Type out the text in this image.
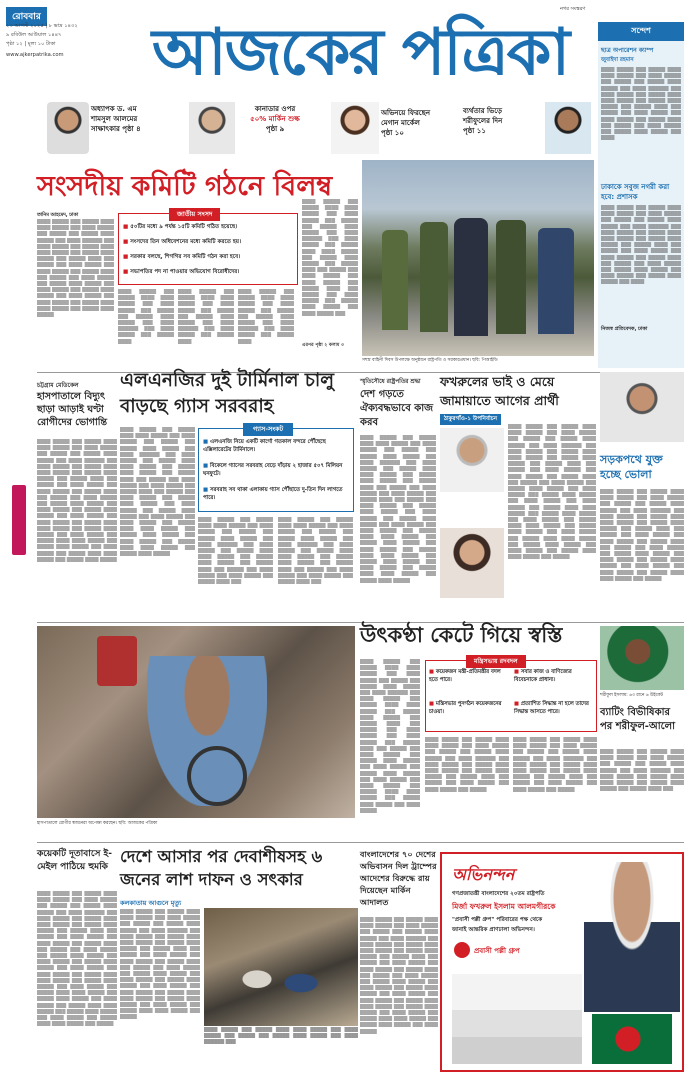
রোববার
২৩ আগস্ট ২০২৫ | ৮ ভাদ্র ১৪৩২
৯ রবিউল আউয়াল ১৪৪৭
পৃষ্ঠা ১২ | মূল্য ১০ টাকা
www.ajkerpatrika.com আজকের পত্রিকা
নগর সংস্করণ
সন্দেশ
ছাত্র অপারেশন ক্যাম্প
জুবাইদা রহমান
▒▒▒▒ ▒▒▒▒▒ ▒▒▒ ▒▒▒▒▒ ▒▒▒▒ ▒▒▒▒ ▒▒▒▒▒ ▒▒▒ ▒▒▒▒ ▒▒▒▒▒ ▒▒▒ ▒▒▒▒▒ ▒▒▒ ▒▒▒▒▒ ▒▒▒▒ ▒▒▒▒▒ ▒▒▒ ▒▒▒▒ ▒▒▒▒▒▒ ▒▒▒ ▒▒▒▒ ▒▒▒▒▒ ▒▒▒ ▒▒▒▒▒ ▒▒▒▒ ▒▒▒▒ ▒▒▒▒▒ ▒▒▒ ▒▒▒▒▒ ▒▒▒▒ ▒▒▒▒▒ ▒▒▒ ▒▒▒▒▒ ▒▒▒▒ ▒▒▒ ▒▒▒▒▒ ▒▒▒ ▒▒▒▒ ▒▒▒▒▒ ▒▒▒ ▒▒▒▒ ▒▒▒▒▒ ▒▒▒ ▒▒▒▒▒ ▒▒▒▒ ▒▒▒ ▒▒▒▒▒ ▒▒▒ ▒▒▒▒ ▒▒▒▒▒ ▒▒▒ ▒▒▒▒▒ ▒▒▒▒ ▒▒▒▒▒ ▒▒▒ ▒▒▒▒
ঢাকাকে সবুজ নগরী করা হবে: প্রশাসক
▒▒▒▒ ▒▒▒▒▒ ▒▒▒ ▒▒▒▒▒ ▒▒▒▒ ▒▒▒▒ ▒▒▒▒▒ ▒▒▒ ▒▒▒▒ ▒▒▒▒▒ ▒▒▒ ▒▒▒▒▒ ▒▒▒ ▒▒▒▒▒ ▒▒▒▒ ▒▒▒▒▒ ▒▒▒ ▒▒▒▒ ▒▒▒▒▒▒ ▒▒▒ ▒▒▒▒ ▒▒▒▒▒ ▒▒▒ ▒▒▒▒▒ ▒▒▒▒ ▒▒▒▒ ▒▒▒▒▒ ▒▒▒ ▒▒▒▒▒ ▒▒▒▒ ▒▒▒▒▒ ▒▒▒ ▒▒▒▒▒ ▒▒▒▒ ▒▒▒ ▒▒▒▒▒ ▒▒▒ ▒▒▒▒ ▒▒▒▒▒ ▒▒▒ ▒▒▒▒ ▒▒▒▒▒ ▒▒▒ ▒▒▒▒▒ ▒▒▒▒ ▒▒▒ ▒▒▒▒▒ ▒▒▒ ▒▒▒▒ ▒▒▒▒▒ ▒▒▒ ▒▒▒▒▒ ▒▒▒▒ ▒▒▒▒▒ ▒▒▒ ▒▒▒▒ ▒▒▒▒▒ ▒▒▒ ▒▒▒▒▒ ▒▒▒▒ ▒▒▒▒▒ ▒▒▒ ▒▒▒▒
নিজস্ব প্রতিবেদক, ঢাকা
অধ্যাপক ড. এম
শামসুল আলমের
সাক্ষাৎকার পৃষ্ঠা ৪
কানাডার ওপর
৫০% মার্কিন শুল্ক
পৃষ্ঠা ৯
অভিনয়ে ফিরছেন
মেগান মার্কেল
পৃষ্ঠা ১০
ব্যর্থতার ভিড়ে
শরীফুলের দিন
পৃষ্ঠা ১১
সংসদীয় কমিটি গঠনে বিলম্ব
তানিম আহমেদ, ঢাকা
▒▒▒▒ ▒▒▒▒▒ ▒▒▒ ▒▒▒▒▒ ▒▒▒▒ ▒▒▒▒ ▒▒▒▒▒ ▒▒▒ ▒▒▒▒ ▒▒▒▒▒ ▒▒▒ ▒▒▒▒▒ ▒▒▒ ▒▒▒▒▒ ▒▒▒▒ ▒▒▒▒▒ ▒▒▒ ▒▒▒▒ ▒▒▒▒▒▒ ▒▒▒ ▒▒▒▒ ▒▒▒▒▒ ▒▒▒ ▒▒▒▒▒ ▒▒▒▒ ▒▒▒▒ ▒▒▒▒▒ ▒▒▒ ▒▒▒▒▒ ▒▒▒▒ ▒▒▒▒▒ ▒▒▒ ▒▒▒▒▒ ▒▒▒▒ ▒▒▒ ▒▒▒▒▒ ▒▒▒ ▒▒▒▒ ▒▒▒▒▒ ▒▒▒ ▒▒▒▒ ▒▒▒▒▒ ▒▒▒ ▒▒▒▒▒ ▒▒▒▒ ▒▒▒ ▒▒▒▒▒ ▒▒▒ ▒▒▒▒ ▒▒▒▒▒ ▒▒▒ ▒▒▒▒▒ ▒▒▒▒ ▒▒▒▒▒ ▒▒▒ ▒▒▒▒ ▒▒▒▒▒ ▒▒▒ ▒▒▒▒▒ ▒▒▒▒ ▒▒▒▒▒ ▒▒▒ ▒▒▒▒ ▒▒▒▒▒ ▒▒▒ ▒▒▒▒ ▒▒▒▒▒ ▒▒▒ ▒▒▒▒▒ ▒▒▒▒ ▒▒▒▒ ▒▒▒▒▒ ▒▒▒ ▒▒▒▒▒ ▒▒▒▒ ▒▒▒▒▒
জাতীয় সংসদ
■ ৫০টির মধ্যে ৯ পর্যন্ত ১৫টি কমিটি গঠিত হয়েছে।
■ সংসদের তিন অধিবেশনের মধ্যে কমিটি করতে হয়।
■ সরকার বলছে, শিগগির সব কমিটি গঠন করা হবে।
■ সভাপতির পদ না পাওয়ার অভিযোগ বিরোধীদের।
▒▒▒▒ ▒▒▒▒▒ ▒▒▒ ▒▒▒▒▒ ▒▒▒▒ ▒▒▒▒ ▒▒▒▒▒ ▒▒▒ ▒▒▒▒ ▒▒▒▒▒ ▒▒▒ ▒▒▒▒▒ ▒▒▒ ▒▒▒▒▒ ▒▒▒▒ ▒▒▒▒▒ ▒▒▒ ▒▒▒▒ ▒▒▒▒▒▒ ▒▒▒ ▒▒▒▒ ▒▒▒▒▒ ▒▒▒ ▒▒▒▒▒ ▒▒▒▒
▒▒▒▒ ▒▒▒▒▒ ▒▒▒ ▒▒▒▒▒ ▒▒▒▒ ▒▒▒▒ ▒▒▒▒▒ ▒▒▒ ▒▒▒▒ ▒▒▒▒▒ ▒▒▒ ▒▒▒▒▒ ▒▒▒ ▒▒▒▒▒ ▒▒▒▒ ▒▒▒▒▒ ▒▒▒ ▒▒▒▒ ▒▒▒▒▒▒ ▒▒▒ ▒▒▒▒ ▒▒▒▒▒ ▒▒▒ ▒▒▒▒▒ ▒▒▒▒
▒▒▒▒ ▒▒▒▒▒ ▒▒▒ ▒▒▒▒▒ ▒▒▒▒ ▒▒▒▒ ▒▒▒▒▒ ▒▒▒ ▒▒▒▒ ▒▒▒▒▒ ▒▒▒ ▒▒▒▒▒ ▒▒▒ ▒▒▒▒▒ ▒▒▒▒ ▒▒▒▒▒ ▒▒▒ ▒▒▒▒ ▒▒▒▒▒▒ ▒▒▒ ▒▒▒▒ ▒▒▒▒▒ ▒▒▒ ▒▒▒▒▒ ▒▒▒▒
▒▒▒▒ ▒▒▒▒▒ ▒▒▒ ▒▒▒▒▒ ▒▒▒▒ ▒▒▒▒ ▒▒▒▒▒ ▒▒▒ ▒▒▒▒ ▒▒▒▒▒ ▒▒▒ ▒▒▒▒▒ ▒▒▒ ▒▒▒▒▒ ▒▒▒▒ ▒▒▒▒▒ ▒▒▒ ▒▒▒▒ ▒▒▒▒▒▒ ▒▒▒ ▒▒▒▒ ▒▒▒▒▒ ▒▒▒ ▒▒▒▒▒ ▒▒▒▒ ▒▒▒▒ ▒▒▒▒▒ ▒▒▒ ▒▒▒▒▒ ▒▒▒▒ ▒▒▒▒▒ ▒▒▒ ▒▒▒▒▒ ▒▒▒▒ ▒▒▒ ▒▒▒▒▒ ▒▒▒ ▒▒▒▒ ▒▒▒▒▒ ▒▒▒ ▒▒▒▒ ▒▒▒▒▒ ▒▒▒ ▒▒▒▒▒ ▒▒▒▒ ▒▒▒ ▒▒▒▒▒ ▒▒▒ ▒▒▒▒ ▒▒▒▒▒ ▒▒▒ ▒▒▒▒▒ ▒▒▒▒ ▒▒▒▒▒ ▒▒▒ ▒▒▒▒ ▒▒▒▒▒ ▒▒▒
এরপর পৃষ্ঠা ২ কলাম ৩
সশস্ত্র বাহিনী দিবস উপলক্ষে অনুষ্ঠানে রাষ্ট্রপতি ও সরকারপ্রধান। ছবি: পিআইডি
চট্টগ্রাম মেডিকেল
হাসপাতালে বিদ্যুৎ ছাড়া আড়াই ঘণ্টা রোগীদের ভোগান্তি
▒▒▒▒ ▒▒▒▒▒ ▒▒▒ ▒▒▒▒▒ ▒▒▒▒ ▒▒▒▒ ▒▒▒▒▒ ▒▒▒ ▒▒▒▒ ▒▒▒▒▒ ▒▒▒ ▒▒▒▒▒ ▒▒▒ ▒▒▒▒▒ ▒▒▒▒ ▒▒▒▒▒ ▒▒▒ ▒▒▒▒ ▒▒▒▒▒▒ ▒▒▒ ▒▒▒▒ ▒▒▒▒▒ ▒▒▒ ▒▒▒▒▒ ▒▒▒▒ ▒▒▒▒ ▒▒▒▒▒ ▒▒▒ ▒▒▒▒▒ ▒▒▒▒ ▒▒▒▒▒ ▒▒▒ ▒▒▒▒▒ ▒▒▒▒ ▒▒▒ ▒▒▒▒▒ ▒▒▒ ▒▒▒▒ ▒▒▒▒▒ ▒▒▒ ▒▒▒▒ ▒▒▒▒▒ ▒▒▒ ▒▒▒▒▒ ▒▒▒▒ ▒▒▒ ▒▒▒▒▒ ▒▒▒ ▒▒▒▒ ▒▒▒▒▒ ▒▒▒ ▒▒▒▒▒ ▒▒▒▒ ▒▒▒▒▒ ▒▒▒ ▒▒▒▒ ▒▒▒▒▒ ▒▒▒ ▒▒▒▒▒ ▒▒▒▒ ▒▒▒▒▒ ▒▒▒ ▒▒▒▒ ▒▒▒▒▒ ▒▒▒ ▒▒▒▒ ▒▒▒▒▒ ▒▒▒ ▒▒▒▒▒ ▒▒▒▒ ▒▒▒▒ ▒▒▒▒▒ ▒▒▒ ▒▒▒▒▒ ▒▒▒▒ ▒▒▒▒▒ ▒▒▒ ▒▒▒▒ ▒▒▒▒▒ ▒▒▒ ▒▒▒▒▒ ▒▒▒▒ ▒▒▒▒ ▒▒▒▒▒ ▒▒▒ ▒▒▒▒▒ ▒▒▒▒ ▒▒▒▒▒ ▒▒▒ ▒▒▒▒ ▒▒▒▒▒ ▒▒▒ ▒▒▒▒▒ ▒▒▒▒ ▒▒▒▒ ▒▒▒▒▒ ▒▒▒ ▒▒▒▒▒ ▒▒▒▒ ▒▒▒▒▒
এলএনজির দুই টার্মিনাল চালু বাড়ছে গ্যাস সরবরাহ
▒▒▒▒ ▒▒▒▒▒ ▒▒▒ ▒▒▒▒▒ ▒▒▒▒ ▒▒▒▒ ▒▒▒▒▒ ▒▒▒ ▒▒▒▒ ▒▒▒▒▒ ▒▒▒ ▒▒▒▒▒ ▒▒▒ ▒▒▒▒▒ ▒▒▒▒ ▒▒▒▒▒ ▒▒▒ ▒▒▒▒ ▒▒▒▒▒▒ ▒▒▒ ▒▒▒▒ ▒▒▒▒▒ ▒▒▒ ▒▒▒▒▒ ▒▒▒▒ ▒▒▒▒ ▒▒▒▒▒ ▒▒▒ ▒▒▒▒▒ ▒▒▒▒ ▒▒▒▒▒ ▒▒▒ ▒▒▒▒▒ ▒▒▒▒ ▒▒▒ ▒▒▒▒▒ ▒▒▒ ▒▒▒▒ ▒▒▒▒▒ ▒▒▒ ▒▒▒▒ ▒▒▒▒▒ ▒▒▒ ▒▒▒▒▒ ▒▒▒▒ ▒▒▒ ▒▒▒▒▒ ▒▒▒ ▒▒▒▒ ▒▒▒▒▒ ▒▒▒ ▒▒▒▒▒ ▒▒▒▒ ▒▒▒▒▒ ▒▒▒ ▒▒▒▒ ▒▒▒▒▒ ▒▒▒ ▒▒▒▒▒ ▒▒▒▒ ▒▒▒▒▒ ▒▒▒ ▒▒▒▒ ▒▒▒▒▒ ▒▒▒ ▒▒▒▒ ▒▒▒▒▒ ▒▒▒ ▒▒▒▒▒ ▒▒▒▒ ▒▒▒▒ ▒▒▒▒▒ ▒▒▒ ▒▒▒▒▒ ▒▒▒▒ ▒▒▒▒▒ ▒▒▒ ▒▒▒▒ ▒▒▒▒▒ ▒▒▒ ▒▒▒▒▒ ▒▒▒▒ ▒▒▒▒ ▒▒▒▒▒ ▒▒▒ ▒▒▒▒▒ ▒▒▒▒ ▒▒▒▒▒
গ্যাস-সংকট
■ এলএনজি নিয়ে একটি কার্গো গতকাল বন্দরে পৌঁছেছে এক্সিলারেটের টার্মিনালে।
■ বিকেলে গ্যাসের সরবরাহ বেড়ে দাঁড়ায় ২ হাজার ৫০৭ মিলিয়ন ঘনফুটে।
■ সরবরাহ সব থাকা এলাকায় গ্যাস পৌঁছাতে দু-তিন দিন লাগতে পারে।
▒▒▒▒ ▒▒▒▒▒ ▒▒▒ ▒▒▒▒▒ ▒▒▒▒ ▒▒▒▒ ▒▒▒▒▒ ▒▒▒ ▒▒▒▒ ▒▒▒▒▒ ▒▒▒ ▒▒▒▒▒ ▒▒▒ ▒▒▒▒▒ ▒▒▒▒ ▒▒▒▒▒ ▒▒▒ ▒▒▒▒ ▒▒▒▒▒▒ ▒▒▒ ▒▒▒▒ ▒▒▒▒▒ ▒▒▒ ▒▒▒▒▒ ▒▒▒▒ ▒▒▒▒ ▒▒▒▒▒ ▒▒▒ ▒▒▒▒▒ ▒▒▒▒ ▒▒▒▒▒ ▒▒▒ ▒▒▒▒▒ ▒▒▒▒ ▒▒▒ ▒▒▒▒▒ ▒▒▒ ▒▒▒▒ ▒▒▒▒▒ ▒▒▒ ▒▒▒▒ ▒▒▒▒▒ ▒▒▒ ▒▒▒▒▒ ▒▒▒▒ ▒▒▒
▒▒▒▒ ▒▒▒▒▒ ▒▒▒ ▒▒▒▒▒ ▒▒▒▒ ▒▒▒▒ ▒▒▒▒▒ ▒▒▒ ▒▒▒▒ ▒▒▒▒▒ ▒▒▒ ▒▒▒▒▒ ▒▒▒ ▒▒▒▒▒ ▒▒▒▒ ▒▒▒▒▒ ▒▒▒ ▒▒▒▒ ▒▒▒▒▒▒ ▒▒▒ ▒▒▒▒ ▒▒▒▒▒ ▒▒▒ ▒▒▒▒▒ ▒▒▒▒ ▒▒▒▒ ▒▒▒▒▒ ▒▒▒ ▒▒▒▒▒ ▒▒▒▒ ▒▒▒▒▒ ▒▒▒ ▒▒▒▒▒ ▒▒▒▒ ▒▒▒ ▒▒▒▒▒ ▒▒▒ ▒▒▒▒ ▒▒▒▒▒ ▒▒▒ ▒▒▒▒ ▒▒▒▒▒ ▒▒▒ ▒▒▒▒▒ ▒▒▒▒ ▒▒▒
স্মৃতিসৌধে রাষ্ট্রপতির শ্রদ্ধা
দেশ গড়তে ঐক্যবদ্ধভাবে কাজ করব
▒▒▒▒ ▒▒▒▒▒ ▒▒▒ ▒▒▒▒▒ ▒▒▒▒ ▒▒▒▒ ▒▒▒▒▒ ▒▒▒ ▒▒▒▒ ▒▒▒▒▒ ▒▒▒ ▒▒▒▒▒ ▒▒▒ ▒▒▒▒▒ ▒▒▒▒ ▒▒▒▒▒ ▒▒▒ ▒▒▒▒ ▒▒▒▒▒▒ ▒▒▒ ▒▒▒▒ ▒▒▒▒▒ ▒▒▒ ▒▒▒▒▒ ▒▒▒▒ ▒▒▒▒ ▒▒▒▒▒ ▒▒▒ ▒▒▒▒▒ ▒▒▒▒ ▒▒▒▒▒ ▒▒▒ ▒▒▒▒▒ ▒▒▒▒ ▒▒▒ ▒▒▒▒▒ ▒▒▒ ▒▒▒▒ ▒▒▒▒▒ ▒▒▒ ▒▒▒▒ ▒▒▒▒▒ ▒▒▒ ▒▒▒▒▒ ▒▒▒▒ ▒▒▒ ▒▒▒▒▒ ▒▒▒ ▒▒▒▒ ▒▒▒▒▒ ▒▒▒ ▒▒▒▒▒ ▒▒▒▒ ▒▒▒▒▒ ▒▒▒ ▒▒▒▒ ▒▒▒▒▒ ▒▒▒ ▒▒▒▒▒ ▒▒▒▒ ▒▒▒▒▒ ▒▒▒ ▒▒▒▒ ▒▒▒▒▒ ▒▒▒ ▒▒▒▒ ▒▒▒▒▒ ▒▒▒ ▒▒▒▒▒ ▒▒▒▒ ▒▒▒▒ ▒▒▒▒▒ ▒▒▒ ▒▒▒▒▒ ▒▒▒▒ ▒▒▒▒▒ ▒▒▒ ▒▒▒▒ ▒▒▒▒▒ ▒▒▒ ▒▒▒▒▒ ▒▒▒▒ ▒▒▒▒ ▒▒▒▒▒ ▒▒▒ ▒▒▒▒▒ ▒▒▒▒ ▒▒▒▒▒ ▒▒▒ ▒▒▒▒ ▒▒▒▒▒ ▒▒▒ ▒▒▒▒▒ ▒▒▒▒ ▒▒▒▒ ▒▒▒▒▒ ▒▒▒ ▒▒▒▒▒ ▒▒▒▒ ▒▒▒▒▒
ফখরুলের ভাই ও মেয়ে জামায়াতে আগের প্রার্থী
ঠাকুরগাঁও-১ উপনির্বাচন
▒▒▒▒ ▒▒▒▒▒ ▒▒▒ ▒▒▒▒▒ ▒▒▒▒ ▒▒▒▒ ▒▒▒▒▒ ▒▒▒ ▒▒▒▒ ▒▒▒▒▒ ▒▒▒ ▒▒▒▒▒ ▒▒▒ ▒▒▒▒▒ ▒▒▒▒ ▒▒▒▒▒ ▒▒▒ ▒▒▒▒ ▒▒▒▒▒▒ ▒▒▒ ▒▒▒▒ ▒▒▒▒▒ ▒▒▒ ▒▒▒▒▒ ▒▒▒▒ ▒▒▒▒ ▒▒▒▒▒ ▒▒▒ ▒▒▒▒▒ ▒▒▒▒ ▒▒▒▒▒ ▒▒▒ ▒▒▒▒▒ ▒▒▒▒ ▒▒▒ ▒▒▒▒▒ ▒▒▒ ▒▒▒▒ ▒▒▒▒▒ ▒▒▒ ▒▒▒▒ ▒▒▒▒▒ ▒▒▒ ▒▒▒▒▒ ▒▒▒▒ ▒▒▒ ▒▒▒▒▒ ▒▒▒ ▒▒▒▒ ▒▒▒▒▒ ▒▒▒ ▒▒▒▒▒ ▒▒▒▒ ▒▒▒▒▒ ▒▒▒ ▒▒▒▒ ▒▒▒▒▒ ▒▒▒ ▒▒▒▒▒ ▒▒▒▒ ▒▒▒▒▒ ▒▒▒ ▒▒▒▒ ▒▒▒▒▒ ▒▒▒ ▒▒▒▒ ▒▒▒▒▒ ▒▒▒ ▒▒▒▒▒ ▒▒▒▒ ▒▒▒▒ ▒▒▒▒▒ ▒▒▒ ▒▒▒▒▒ ▒▒▒▒ ▒▒▒▒▒ ▒▒▒ ▒▒▒▒ ▒▒▒▒▒ ▒▒▒ ▒▒▒▒▒ ▒▒▒▒ ▒▒▒▒ ▒▒▒▒▒ ▒▒▒ ▒▒▒▒▒ ▒▒▒▒ ▒▒▒▒▒ ▒▒▒ ▒▒▒▒ ▒▒▒▒▒ ▒▒▒ ▒▒▒▒▒ ▒▒▒▒ ▒▒▒▒ ▒▒▒▒▒ ▒▒▒ ▒▒▒▒▒ ▒▒▒▒ ▒▒▒▒▒ ▒▒▒ ▒▒▒▒ ▒▒▒▒▒ ▒▒▒ ▒▒▒▒▒ ▒▒▒▒ ▒▒▒▒ ▒▒▒▒▒ ▒▒▒ ▒▒▒▒▒
সড়কপথে যুক্ত হচ্ছে ভোলা
▒▒▒▒ ▒▒▒▒▒ ▒▒▒ ▒▒▒▒▒ ▒▒▒▒ ▒▒▒▒ ▒▒▒▒▒ ▒▒▒ ▒▒▒▒ ▒▒▒▒▒ ▒▒▒ ▒▒▒▒▒ ▒▒▒ ▒▒▒▒▒ ▒▒▒▒ ▒▒▒▒▒ ▒▒▒ ▒▒▒▒ ▒▒▒▒▒▒ ▒▒▒ ▒▒▒▒ ▒▒▒▒▒ ▒▒▒ ▒▒▒▒▒ ▒▒▒▒ ▒▒▒▒ ▒▒▒▒▒ ▒▒▒ ▒▒▒▒▒ ▒▒▒▒ ▒▒▒▒▒ ▒▒▒ ▒▒▒▒▒ ▒▒▒▒ ▒▒▒ ▒▒▒▒▒ ▒▒▒ ▒▒▒▒ ▒▒▒▒▒ ▒▒▒ ▒▒▒▒ ▒▒▒▒▒ ▒▒▒ ▒▒▒▒▒ ▒▒▒▒ ▒▒▒ ▒▒▒▒▒ ▒▒▒ ▒▒▒▒ ▒▒▒▒▒ ▒▒▒ ▒▒▒▒▒ ▒▒▒▒ ▒▒▒▒▒ ▒▒▒ ▒▒▒▒ ▒▒▒▒▒ ▒▒▒ ▒▒▒▒▒ ▒▒▒▒ ▒▒▒▒▒ ▒▒▒ ▒▒▒▒ ▒▒▒▒▒ ▒▒▒ ▒▒▒▒ ▒▒▒▒▒ ▒▒▒ ▒▒▒▒▒ ▒▒▒▒ ▒▒▒▒ ▒▒▒▒▒ ▒▒▒ ▒▒▒▒▒
হাসপাতালে রোগীর স্বজনেরা অপেক্ষা করছেন। ছবি: আজকের পত্রিকা
উৎকণ্ঠা কেটে গিয়ে স্বস্তি
মন্ত্রিসভায় রদবদল
■ কয়েকজন মন্ত্রী-প্রতিমন্ত্রীর বদল হতে পারে।
■ মন্ত্রিসভার পুনর্গঠন কয়েকজনের চাওয়া।
■ সবার কাজ ও বাণিজ্যের বিবেচনাকে প্রাধান্য।
■ প্রত্যাশিত সিদ্ধান্ত না হলে তাদের সিদ্ধান্ত আসতে পারে।
▒▒▒▒ ▒▒▒▒▒ ▒▒▒ ▒▒▒▒▒ ▒▒▒▒ ▒▒▒▒ ▒▒▒▒▒ ▒▒▒ ▒▒▒▒ ▒▒▒▒▒ ▒▒▒ ▒▒▒▒▒ ▒▒▒ ▒▒▒▒▒ ▒▒▒▒ ▒▒▒▒▒ ▒▒▒ ▒▒▒▒ ▒▒▒▒▒▒ ▒▒▒ ▒▒▒▒ ▒▒▒▒▒ ▒▒▒ ▒▒▒▒▒ ▒▒▒▒ ▒▒▒▒ ▒▒▒▒▒ ▒▒▒ ▒▒▒▒▒ ▒▒▒▒ ▒▒▒▒▒ ▒▒▒ ▒▒▒▒▒ ▒▒▒▒ ▒▒▒ ▒▒▒▒▒ ▒▒▒ ▒▒▒▒ ▒▒▒▒▒ ▒▒▒ ▒▒▒▒ ▒▒▒▒▒ ▒▒▒ ▒▒▒▒▒ ▒▒▒▒ ▒▒▒ ▒▒▒▒▒ ▒▒▒ ▒▒▒▒ ▒▒▒▒▒ ▒▒▒ ▒▒▒▒▒ ▒▒▒▒ ▒▒▒▒▒ ▒▒▒ ▒▒▒▒ ▒▒▒▒▒ ▒▒▒ ▒▒▒▒▒ ▒▒▒▒ ▒▒▒▒▒ ▒▒▒ ▒▒▒▒ ▒▒▒▒▒ ▒▒▒ ▒▒▒▒ ▒▒▒▒▒ ▒▒▒ ▒▒▒▒▒ ▒▒▒▒ ▒▒▒▒ ▒▒▒▒▒ ▒▒▒ ▒▒▒▒▒ ▒▒▒▒ ▒▒▒▒▒ ▒▒▒ ▒▒▒▒ ▒▒▒▒▒
▒▒▒▒ ▒▒▒▒▒ ▒▒▒ ▒▒▒▒▒ ▒▒▒▒ ▒▒▒▒ ▒▒▒▒▒ ▒▒▒ ▒▒▒▒ ▒▒▒▒▒ ▒▒▒ ▒▒▒▒▒ ▒▒▒ ▒▒▒▒▒ ▒▒▒▒ ▒▒▒▒▒ ▒▒▒ ▒▒▒▒ ▒▒▒▒▒▒ ▒▒▒ ▒▒▒▒ ▒▒▒▒▒ ▒▒▒ ▒▒▒▒▒ ▒▒▒▒ ▒▒▒▒ ▒▒▒▒▒ ▒▒▒ ▒▒▒▒▒ ▒▒▒▒ ▒▒▒▒▒ ▒▒▒ ▒▒▒▒▒ ▒▒▒▒ ▒▒▒ ▒▒▒▒▒ ▒▒▒ ▒▒▒▒ ▒▒▒▒▒ ▒▒▒ ▒▒▒▒ ▒▒▒▒▒ ▒▒▒ ▒▒▒▒▒
▒▒▒▒ ▒▒▒▒▒ ▒▒▒ ▒▒▒▒▒ ▒▒▒▒ ▒▒▒▒ ▒▒▒▒▒ ▒▒▒ ▒▒▒▒ ▒▒▒▒▒ ▒▒▒ ▒▒▒▒▒ ▒▒▒ ▒▒▒▒▒ ▒▒▒▒ ▒▒▒▒▒ ▒▒▒ ▒▒▒▒ ▒▒▒▒▒▒ ▒▒▒ ▒▒▒▒ ▒▒▒▒▒ ▒▒▒ ▒▒▒▒▒ ▒▒▒▒ ▒▒▒▒ ▒▒▒▒▒ ▒▒▒ ▒▒▒▒▒ ▒▒▒▒ ▒▒▒▒▒ ▒▒▒ ▒▒▒▒▒ ▒▒▒▒ ▒▒▒ ▒▒▒▒▒ ▒▒▒ ▒▒▒▒ ▒▒▒▒▒ ▒▒▒ ▒▒▒▒ ▒▒▒▒▒ ▒▒▒ ▒▒▒▒▒
শরীফুল ইসলাম: ৬৩ রানে ৬ উইকেট
ব্যাটিং বিভীষিকার পর শরীফুল-আলো
▒▒▒▒ ▒▒▒▒▒ ▒▒▒ ▒▒▒▒▒ ▒▒▒▒ ▒▒▒▒ ▒▒▒▒▒ ▒▒▒ ▒▒▒▒ ▒▒▒▒▒ ▒▒▒ ▒▒▒▒▒ ▒▒▒ ▒▒▒▒▒ ▒▒▒▒ ▒▒▒▒▒ ▒▒▒ ▒▒▒▒ ▒▒▒▒▒▒ ▒▒▒ ▒▒▒▒ ▒▒▒▒▒ ▒▒▒ ▒▒▒▒▒ ▒▒▒▒ ▒▒▒▒ ▒▒▒▒▒ ▒▒▒ ▒▒▒▒▒ ▒▒▒▒ ▒▒▒▒▒ ▒▒▒ ▒▒▒▒▒ ▒▒▒▒ ▒▒▒
কয়েকটি দূতাবাসে ই-মেইল পাঠিয়ে হুমকি
▒▒▒▒ ▒▒▒▒▒ ▒▒▒ ▒▒▒▒▒ ▒▒▒▒ ▒▒▒▒ ▒▒▒▒▒ ▒▒▒ ▒▒▒▒ ▒▒▒▒▒ ▒▒▒ ▒▒▒▒▒ ▒▒▒ ▒▒▒▒▒ ▒▒▒▒ ▒▒▒▒▒ ▒▒▒ ▒▒▒▒ ▒▒▒▒▒▒ ▒▒▒ ▒▒▒▒ ▒▒▒▒▒ ▒▒▒ ▒▒▒▒▒ ▒▒▒▒ ▒▒▒▒ ▒▒▒▒▒ ▒▒▒ ▒▒▒▒▒ ▒▒▒▒ ▒▒▒▒▒ ▒▒▒ ▒▒▒▒▒ ▒▒▒▒ ▒▒▒ ▒▒▒▒▒ ▒▒▒ ▒▒▒▒ ▒▒▒▒▒ ▒▒▒ ▒▒▒▒ ▒▒▒▒▒ ▒▒▒ ▒▒▒▒▒ ▒▒▒▒ ▒▒▒ ▒▒▒▒▒ ▒▒▒ ▒▒▒▒ ▒▒▒▒▒ ▒▒▒ ▒▒▒▒▒ ▒▒▒▒ ▒▒▒▒▒ ▒▒▒ ▒▒▒▒ ▒▒▒▒▒ ▒▒▒ ▒▒▒▒▒ ▒▒▒▒ ▒▒▒▒▒ ▒▒▒ ▒▒▒▒ ▒▒▒▒▒ ▒▒▒ ▒▒▒▒ ▒▒▒▒▒ ▒▒▒ ▒▒▒▒▒ ▒▒▒▒ ▒▒▒▒ ▒▒▒▒▒ ▒▒▒ ▒▒▒▒▒ ▒▒▒▒ ▒▒▒▒▒ ▒▒▒ ▒▒▒▒ ▒▒▒▒▒ ▒▒▒ ▒▒▒▒▒ ▒▒▒▒ ▒▒▒▒ ▒▒▒▒▒ ▒▒▒ ▒▒▒▒▒ ▒▒▒▒ ▒▒▒▒▒ ▒▒▒ ▒▒▒▒ ▒▒▒▒▒ ▒▒▒ ▒▒▒▒▒ ▒▒▒▒ ▒▒▒▒ ▒▒▒▒▒ ▒▒▒ ▒▒▒▒▒ ▒▒▒▒ ▒▒▒▒▒ ▒▒▒ ▒▒▒▒ ▒▒▒▒▒ ▒▒▒ ▒▒▒▒▒ ▒▒▒▒ ▒▒▒▒ ▒▒▒▒▒ ▒▒▒ ▒▒▒▒▒
দেশে আসার পর দেবাশীষসহ ৬ জনের লাশ দাফন ও সৎকার
কলকাতায় আগুনে মৃত্যু
▒▒▒▒ ▒▒▒▒▒ ▒▒▒ ▒▒▒▒▒ ▒▒▒▒ ▒▒▒▒ ▒▒▒▒▒ ▒▒▒ ▒▒▒▒ ▒▒▒▒▒ ▒▒▒ ▒▒▒▒▒ ▒▒▒ ▒▒▒▒▒ ▒▒▒▒ ▒▒▒▒▒ ▒▒▒ ▒▒▒▒ ▒▒▒▒▒▒ ▒▒▒ ▒▒▒▒ ▒▒▒▒▒ ▒▒▒ ▒▒▒▒▒ ▒▒▒▒ ▒▒▒▒ ▒▒▒▒▒ ▒▒▒ ▒▒▒▒▒ ▒▒▒▒ ▒▒▒▒▒ ▒▒▒ ▒▒▒▒▒ ▒▒▒▒ ▒▒▒ ▒▒▒▒▒ ▒▒▒ ▒▒▒▒ ▒▒▒▒▒ ▒▒▒ ▒▒▒▒ ▒▒▒▒▒ ▒▒▒ ▒▒▒▒▒ ▒▒▒▒ ▒▒▒ ▒▒▒▒▒ ▒▒▒ ▒▒▒▒ ▒▒▒▒▒ ▒▒▒ ▒▒▒▒▒ ▒▒▒▒ ▒▒▒▒▒ ▒▒▒ ▒▒▒▒ ▒▒▒▒▒ ▒▒▒ ▒▒▒▒▒ ▒▒▒▒ ▒▒▒▒▒ ▒▒▒ ▒▒▒▒ ▒▒▒▒▒ ▒▒▒ ▒▒▒▒ ▒▒▒▒▒ ▒▒▒ ▒▒▒▒▒ ▒▒▒▒ ▒▒▒▒ ▒▒▒▒▒ ▒▒▒ ▒▒▒▒▒ ▒▒▒▒ ▒▒▒▒▒ ▒▒▒ ▒▒▒▒ ▒▒▒▒▒ ▒▒▒ ▒▒▒▒▒ ▒▒▒▒ ▒▒▒▒ ▒▒▒▒▒ ▒▒▒ ▒▒▒▒▒
▒▒▒▒ ▒▒▒▒▒ ▒▒▒ ▒▒▒▒▒ ▒▒▒▒ ▒▒▒▒ ▒▒▒▒▒ ▒▒▒ ▒▒▒▒ ▒▒▒▒▒ ▒▒▒ ▒▒▒▒▒ ▒▒▒ ▒▒▒▒▒ ▒▒▒▒ ▒▒▒▒▒ ▒▒▒ ▒▒▒▒ ▒▒▒▒▒▒ ▒▒▒
বাংলাদেশের ৭০ দেশের অভিবাসন দিল ট্রাম্পের আদেশের বিরুদ্ধে রায় দিয়েছেন মার্কিন আদালত
▒▒▒▒ ▒▒▒▒▒ ▒▒▒ ▒▒▒▒▒ ▒▒▒▒ ▒▒▒▒ ▒▒▒▒▒ ▒▒▒ ▒▒▒▒ ▒▒▒▒▒ ▒▒▒ ▒▒▒▒▒ ▒▒▒ ▒▒▒▒▒ ▒▒▒▒ ▒▒▒▒▒ ▒▒▒ ▒▒▒▒ ▒▒▒▒▒▒ ▒▒▒ ▒▒▒▒ ▒▒▒▒▒ ▒▒▒ ▒▒▒▒▒ ▒▒▒▒ ▒▒▒▒ ▒▒▒▒▒ ▒▒▒ ▒▒▒▒▒ ▒▒▒▒ ▒▒▒▒▒ ▒▒▒ ▒▒▒▒▒ ▒▒▒▒ ▒▒▒ ▒▒▒▒▒ ▒▒▒ ▒▒▒▒ ▒▒▒▒▒ ▒▒▒ ▒▒▒▒ ▒▒▒▒▒ ▒▒▒ ▒▒▒▒▒ ▒▒▒▒ ▒▒▒ ▒▒▒▒▒ ▒▒▒ ▒▒▒▒ ▒▒▒▒▒ ▒▒▒ ▒▒▒▒▒ ▒▒▒▒ ▒▒▒▒▒ ▒▒▒ ▒▒▒▒ ▒▒▒▒▒ ▒▒▒ ▒▒▒▒▒ ▒▒▒▒ ▒▒▒▒▒ ▒▒▒ ▒▒▒▒ ▒▒▒▒▒ ▒▒▒ ▒▒▒▒ ▒▒▒▒▒ ▒▒▒ ▒▒▒▒▒ ▒▒▒▒ ▒▒▒▒ ▒▒▒▒▒ ▒▒▒ ▒▒▒▒▒ ▒▒▒▒ ▒▒▒▒▒ ▒▒▒ ▒▒▒▒ ▒▒▒▒▒ ▒▒▒ ▒▒▒▒▒ ▒▒▒▒ ▒▒▒▒ ▒▒▒▒▒ ▒▒▒ ▒▒▒▒▒ ▒▒▒▒ ▒▒▒▒▒ ▒▒▒ ▒▒▒▒ ▒▒▒▒▒
অভিনন্দন
গণপ্রজাতন্ত্রী বাংলাদেশের ২০তম রাষ্ট্রপতি
মির্জা ফখরুল ইসলাম আলমগীরকে
"প্রবাসী পল্লী গ্রুপ" পরিবারের পক্ষ থেকে
জানাই আন্তরিক প্রাণঢালা অভিনন্দন।
প্রবাসী পল্লী গ্রুপ
